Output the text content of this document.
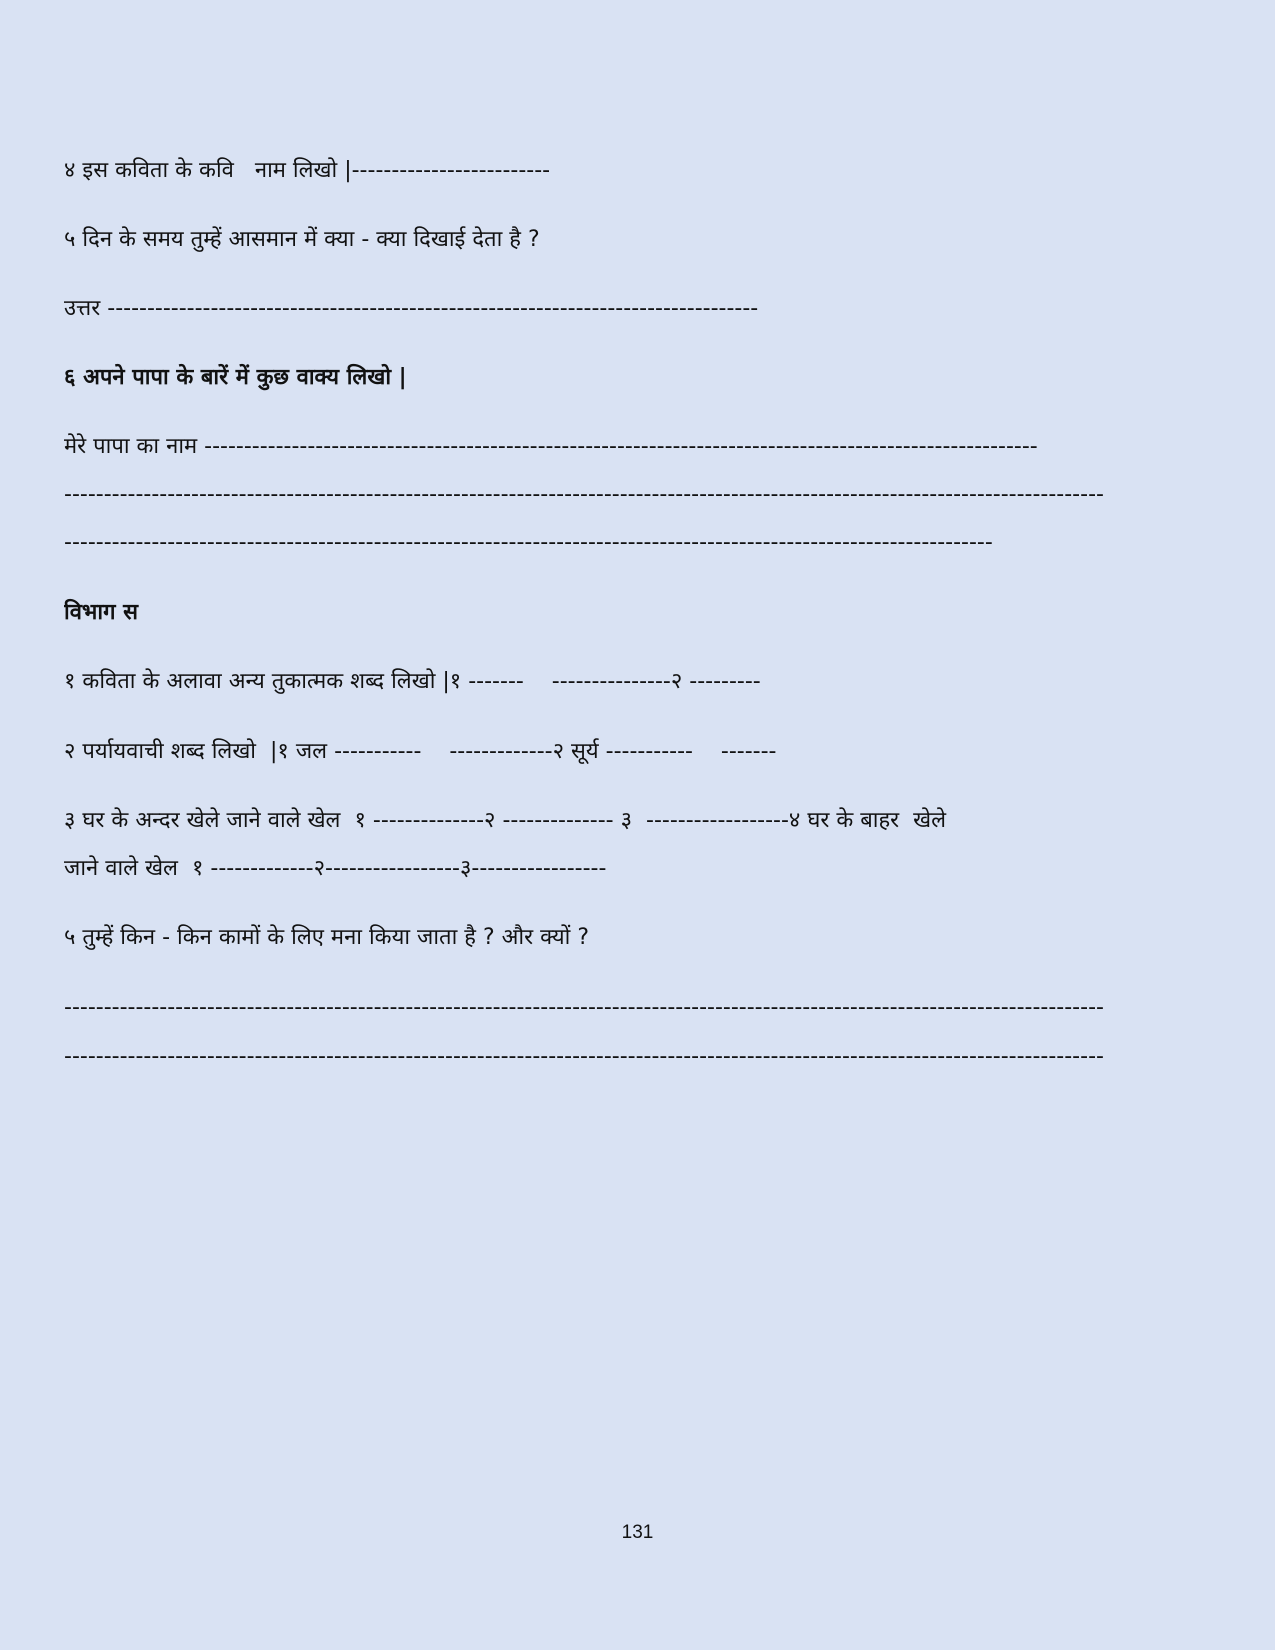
४ इस कविता के कवि   नाम लिखो |-------------------------
५ दिन के समय तुम्हें आसमान में क्या - क्या दिखाई देता है ?
उत्तर ----------------------------------------------------------------------------------
६ अपने पापा के बारें में कुछ वाक्य लिखो |
मेरे पापा का नाम ---------------------------------------------------------------------------------------------------------
-----------------------------------------------------------------------------------------------------------------------------------
---------------------------------------------------------------------------------------------------------------------
विभाग स
१ कविता के अलावा अन्य तुकात्मक शब्द लिखो |१ -------    ---------------२ ---------
२ पर्यायवाची शब्द लिखो  |१ जल -----------    -------------२ सूर्य -----------    -------
३ घर के अन्दर खेले जाने वाले खेल  १ --------------२ -------------- ३  ------------------४ घर के बाहर  खेले
जाने वाले खेल  १ -------------२-----------------३-----------------
५ तुम्हें किन - किन कामों के लिए मना किया जाता है ? और क्यों ?
-----------------------------------------------------------------------------------------------------------------------------------
-----------------------------------------------------------------------------------------------------------------------------------
131
